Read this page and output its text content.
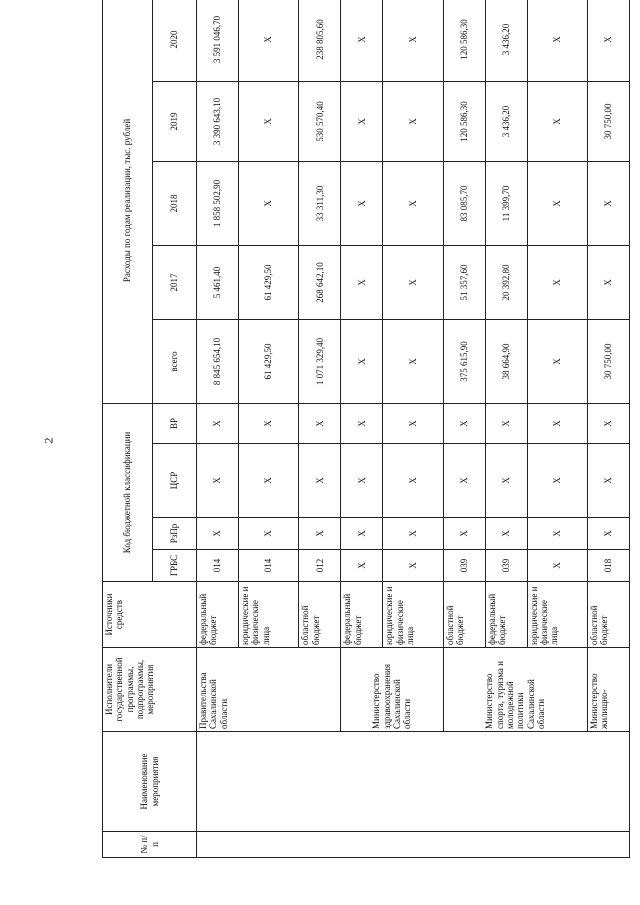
2
№ п/п	Наименование мероприятия	Исполнители государственной программы, подпрограммы, мероприятия	Источники средств	Код бюджетной классификации				Расходы по годам реализации, тыс. рублей				
				ГРБС	РзПр	ЦСР	ВР	всего	2017	2018	2019	2020
		Правительства Сахалинской области	федеральный бюджет	014	Х	Х	Х	8 845 654,10	5 461,40	1 858 502,90	3 390 643,10	3 591 046,70
			юридические и физические лица	014	Х	Х	Х	61 429,50	61 429,50	Х	Х	Х
			областной бюджет	012	Х	Х	Х	1 071 329,40	268 642,10	33 311,30	530 570,40	238 805,60
		Министерство здравоохранения Сахалинской области	федеральный бюджет	Х	Х	Х	Х	Х	Х	Х	Х	Х
			юридические и физические лица	Х	Х	Х	Х	Х	Х	Х	Х	Х
		Министерство спорта, туризма и молодежной политики Сахалинской области	областной бюджет	039	Х	Х	Х	375 615,90	51 357,60	83 085,70	120 586,30	120 586,30
			федеральный бюджет	039	Х	Х	Х	38 664,90	20 392,80	11 399,70	3 436,20	3 436,20
			юридические и физические лица	Х	Х	Х	Х	Х	Х	Х	Х	Х
		Министерство жилищно-	областной бюджет	018	Х	Х	Х	30 750,00	Х	Х	30 750,00	Х
